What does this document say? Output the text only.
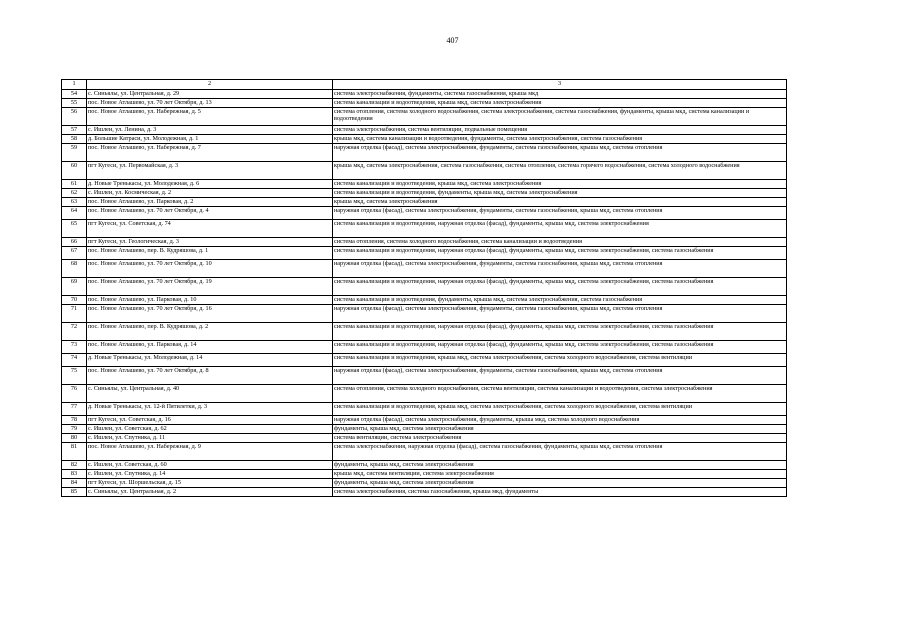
407
1	2	3
54	с. Синьялы, ул. Центральная, д. 29	система электроснабжения, фундаменты, система газоснабжения, крыша мкд
55	пос. Новое Атлашево, ул. 70 лет Октября, д. 13	система канализации и водоотведения, крыша мкд, система электроснабжения
56	пос. Новое Атлашево, ул. Набережная, д. 5	система отопления, система холодного водоснабжения, система электроснабжения, система газоснабжения, фундаменты, крыша мкд, система канализации и водоотведения
57	с. Ишлеи, ул. Ленина, д. 3	система электроснабжения, система вентиляции, подвальные помещения
58	д. Большие Катраси, ул. Молодежная, д. 1	крыша мкд, система канализации и водоотведения, фундаменты, система электроснабжения, система газоснабжения
59	пос. Новое Атлашево, ул. Набережная, д. 7	наружная отделка (фасад), система электроснабжения, фундаменты, система газоснабжения, крыша мкд, система отопления
60	пгт Кугеси, ул. Первомайская, д. 3	крыша мкд, система электроснабжения, система газоснабжения, система отопления, система горячего водоснабжения, система холодного водоснабжения
61	д. Новые Тренькасы, ул. Молодежная, д. 6	система канализации и водоотведения, крыша мкд, система электроснабжения
62	с. Ишлеи, ул. Космическая, д. 2	система канализации и водоотведения, фундаменты, крыша мкд, система электроснабжения
63	пос. Новое Атлашево, ул. Парковая, д. 2	крыша мкд, система электроснабжения
64	пос. Новое Атлашево, ул. 70 лет Октября, д. 4	наружная отделка (фасад), система электроснабжения, фундаменты, система газоснабжения, крыша мкд, система отопления
65	пгт Кугеси, ул. Советская, д. 74	система канализации и водоотведения, наружная отделка (фасад), фундаменты, крыша мкд, система электроснабжения
66	пгт Кугеси, ул. Геологическая, д. 3	система отопления, система холодного водоснабжения, система канализации и водоотведения
67	пос. Новое Атлашево, пер. В. Кудряшова, д. 1	система канализации и водоотведения, наружная отделка (фасад), фундаменты, крыша мкд, система электроснабжения, система газоснабжения
68	пос. Новое Атлашево, ул. 70 лет Октября, д. 10	наружная отделка (фасад), система электроснабжения, фундаменты, система газоснабжения, крыша мкд, система отопления
69	пос. Новое Атлашево, ул. 70 лет Октября, д. 19	система канализации и водоотведения, наружная отделка (фасад), фундаменты, крыша мкд, система электроснабжения, система газоснабжения
70	пос. Новое Атлашево, ул. Парковая, д. 10	система канализации и водоотведения, фундаменты, крыша мкд, система электроснабжения, система газоснабжения
71	пос. Новое Атлашево, ул. 70 лет Октября, д. 16	наружная отделка (фасад), система электроснабжения, фундаменты, система газоснабжения, крыша мкд, система отопления
72	пос. Новое Атлашево, пер. В. Кудряшова, д. 2	система канализации и водоотведения, наружная отделка (фасад), фундаменты, крыша мкд, система электроснабжения, система газоснабжения
73	пос. Новое Атлашево, ул. Парковая, д. 14	система канализации и водоотведения, наружная отделка (фасад), фундаменты, крыша мкд, система электроснабжения, система газоснабжения
74	д. Новые Тренькасы, ул. Молодежная, д. 14	система канализации и водоотведения, крыша мкд, система электроснабжения, система холодного водоснабжения, система вентиляции
75	пос. Новое Атлашево, ул. 70 лет Октября, д. 8	наружная отделка (фасад), система электроснабжения, фундаменты, система газоснабжения, крыша мкд, система отопления
76	с. Синьялы, ул. Центральная, д. 40	система отопления, система холодного водоснабжения, система вентиляции, система канализации и водоотведения, система электроснабжения
77	д. Новые Тренькасы, ул. 12-й Пятилетки, д. 3	система канализации и водоотведения, крыша мкд, система электроснабжения, система холодного водоснабжения, система вентиляции
78	пгт Кугеси, ул. Советская, д. 16	наружная отделка (фасад), система электроснабжения, фундаменты, крыша мкд, система холодного водоснабжения
79	с. Ишлеи, ул. Советская, д. 62	фундаменты, крыша мкд, система электроснабжения
80	с. Ишлеи, ул. Спутника, д. 11	система вентиляции, система электроснабжения
81	пос. Новое Атлашево, ул. Набережная, д. 9	система электроснабжения, наружная отделка (фасад), система газоснабжения, фундаменты, крыша мкд, система отопления
82	с. Ишлеи, ул. Советская, д. 60	фундаменты, крыша мкд, система электроснабжения
83	с. Ишлеи, ул. Спутника, д. 14	крыша мкд, система вентиляции, система электроснабжения
84	пгт Кугеси, ул. Шоршельская, д. 15	фундаменты, крыша мкд, система электроснабжения
85	с. Синьялы, ул. Центральная, д. 2	система электроснабжения, система газоснабжения, крыша мкд, фундаменты
